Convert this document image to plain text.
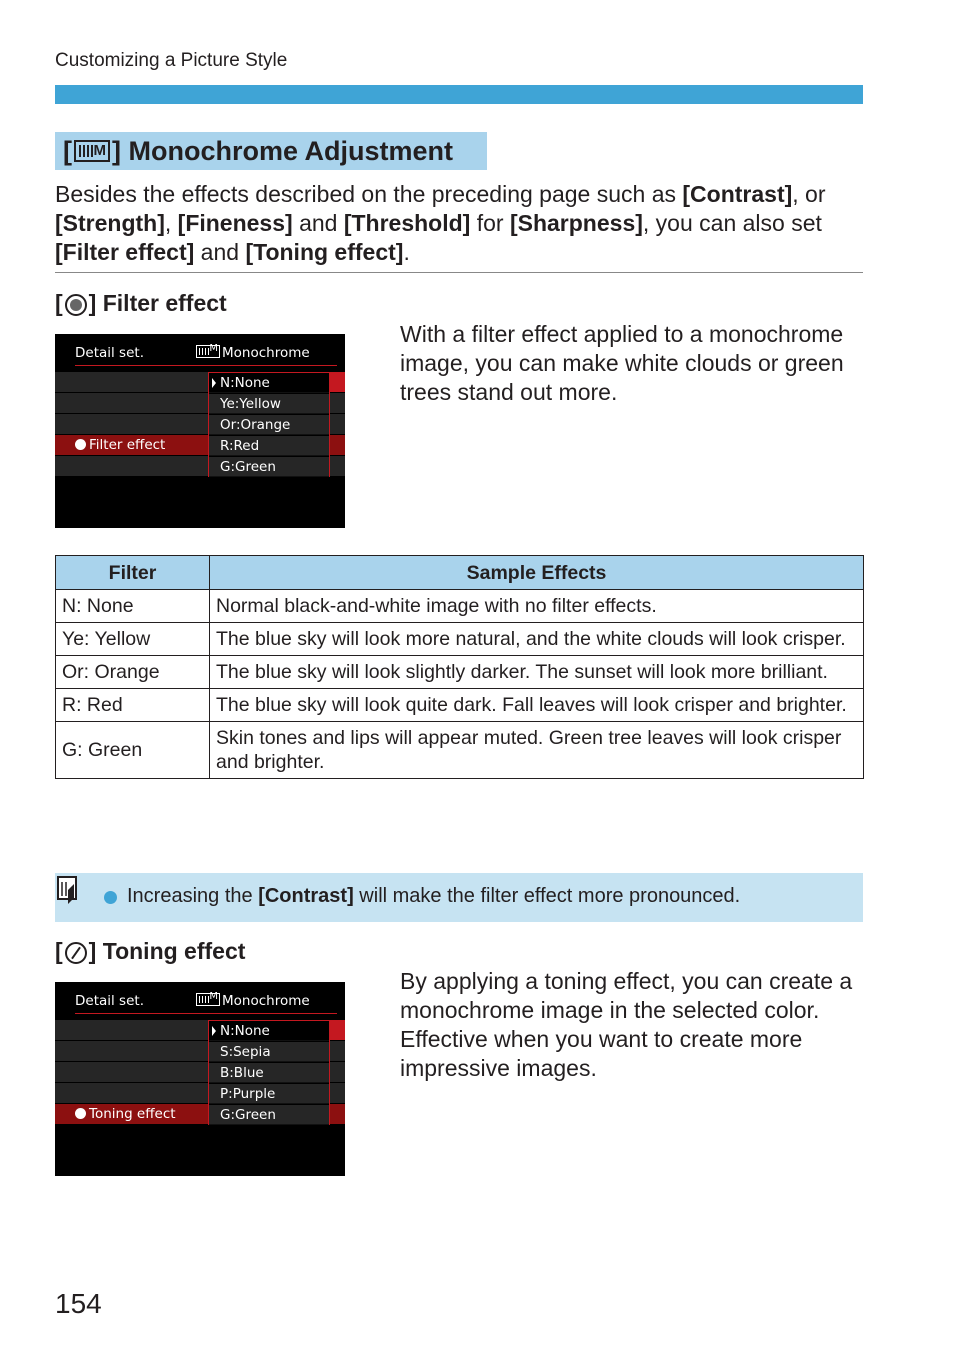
Customizing a Picture Style
[ M ]
Monochrome Adjustment
Besides the effects described on the preceding page such as [Contrast], or [Strength], [Fineness] and [Threshold] for [Sharpness], you can also set [Filter effect] and [Toning effect].
[ ] Filter effect
With a filter effect applied to a monochrome image, you can make white clouds or green trees stand out more.
Detail set.	M Monochrome
Filter effect
N:None
Ye:Yellow
Or:Orange
R:Red
G:Green
Filter	Sample Effects
N: None	Normal black-and-white image with no filter effects.
Ye: Yellow	The blue sky will look more natural, and the white clouds will look crisper.
Or: Orange	The blue sky will look slightly darker. The sunset will look more brilliant.
R: Red	The blue sky will look quite dark. Fall leaves will look crisper and brighter.
G: Green	Skin tones and lips will appear muted. Green tree leaves will look crisper and brighter.
Increasing the [Contrast] will make the filter effect more pronounced.
[ ] Toning effect
By applying a toning effect, you can create a monochrome image in the selected color. Effective when you want to create more impressive images.
Detail set.	M Monochrome
Toning effect
N:None
S:Sepia
B:Blue
P:Purple
G:Green
154
